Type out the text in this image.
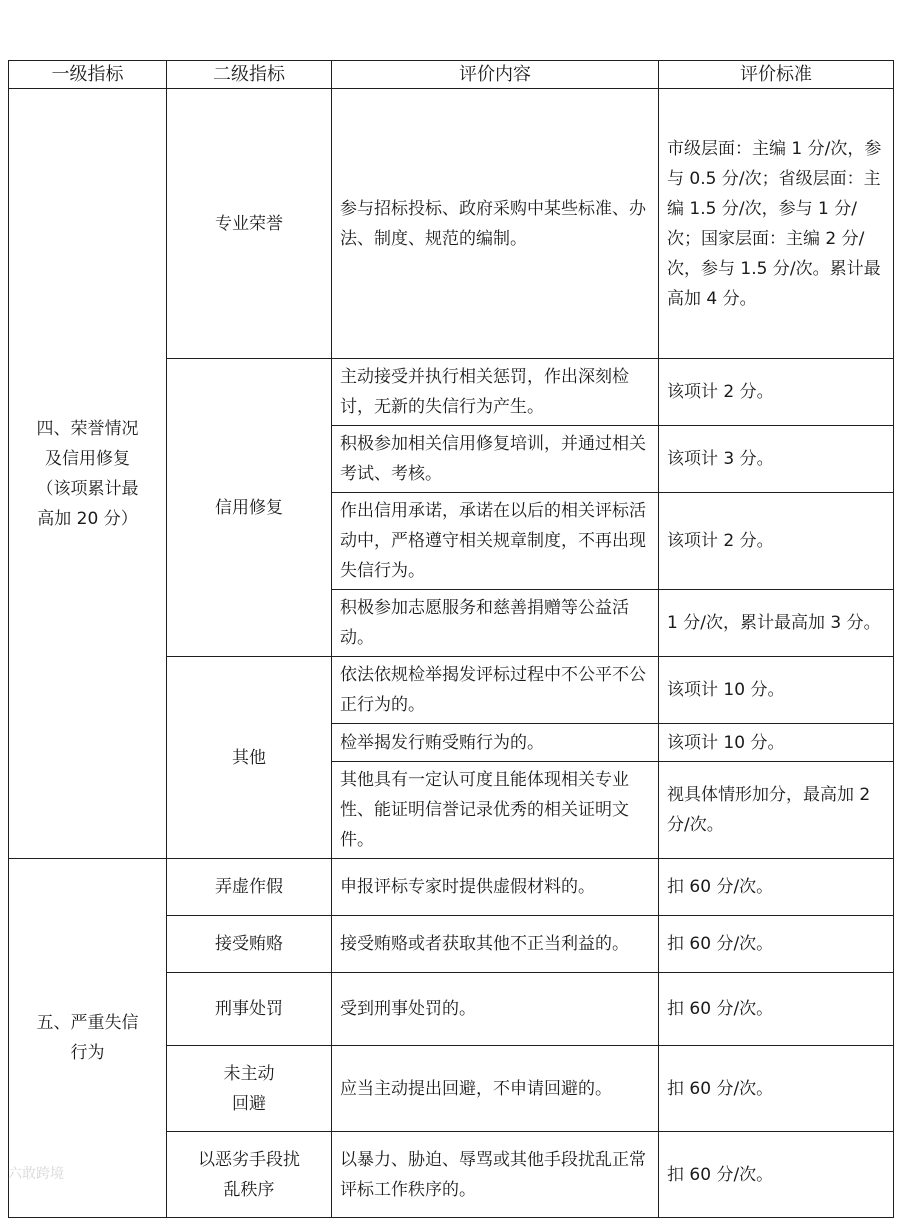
一级指标	二级指标	评价内容	评价标准

四、荣誉情况
及信用修复
（该项累计最
高加 20 分）	专业荣誉	参与招标投标、政府采购中某些标准、办法、制度、规范的编制。	市级层面：主编 1 分/次，参与 0.5 分/次；省级层面：主编 1.5 分/次，参与 1 分/次；国家层面：主编 2 分/次，参与 1.5 分/次。累计最高加 4 分。
	信用修复	主动接受并执行相关惩罚，作出深刻检讨，无新的失信行为产生。	该项计 2 分。
		积极参加相关信用修复培训，并通过相关考试、考核。	该项计 3 分。
		作出信用承诺，承诺在以后的相关评标活动中，严格遵守相关规章制度，不再出现失信行为。	该项计 2 分。
		积极参加志愿服务和慈善捐赠等公益活动。	1 分/次，累计最高加 3 分。
	其他	依法依规检举揭发评标过程中不公平不公正行为的。	该项计 10 分。
		检举揭发行贿受贿行为的。	该项计 10 分。
		其他具有一定认可度且能体现相关专业性、能证明信誉记录优秀的相关证明文件。	视具体情形加分，最高加 2 分/次。

五、严重失信
行为	弄虚作假	申报评标专家时提供虚假材料的。	扣 60 分/次。
	接受贿赂	接受贿赂或者获取其他不正当利益的。	扣 60 分/次。
	刑事处罚	受到刑事处罚的。	扣 60 分/次。

	未主动
回避	应当主动提出回避，不申请回避的。	扣 60 分/次。

	以恶劣手段扰
乱秩序	以暴力、胁迫、辱骂或其他手段扰乱正常评标工作秩序的。	扣 60 分/次。
六敢跨境
